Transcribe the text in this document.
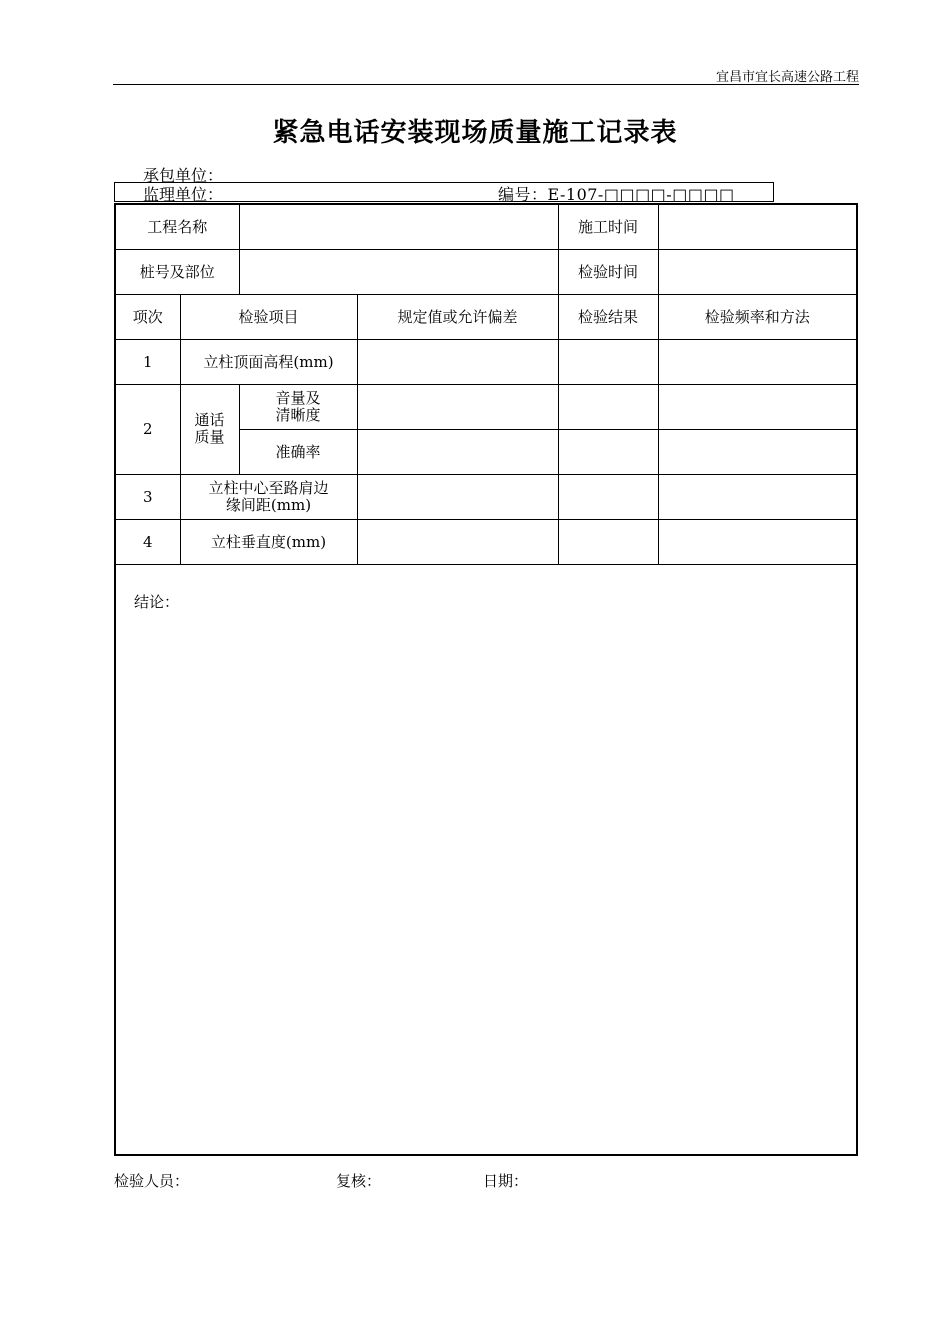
宜昌市宜长高速公路工程
紧急电话安装现场质量施工记录表
承包单位：
监理单位：	编号：E-107-□□□□-□□□□
工程名称				施工时间	
桩号及部位				检验时间	
项次	检验项目		规定值或允许偏差	检验结果	检验频率和方法
1	立柱顶面高程(mm)				
2	通话质量	音量及清晰度			

		准确率			
3	立柱中心至路肩边缘间距(mm)				

4	立柱垂直度(mm)				

结论：					
检验人员：	复核：	日期：
